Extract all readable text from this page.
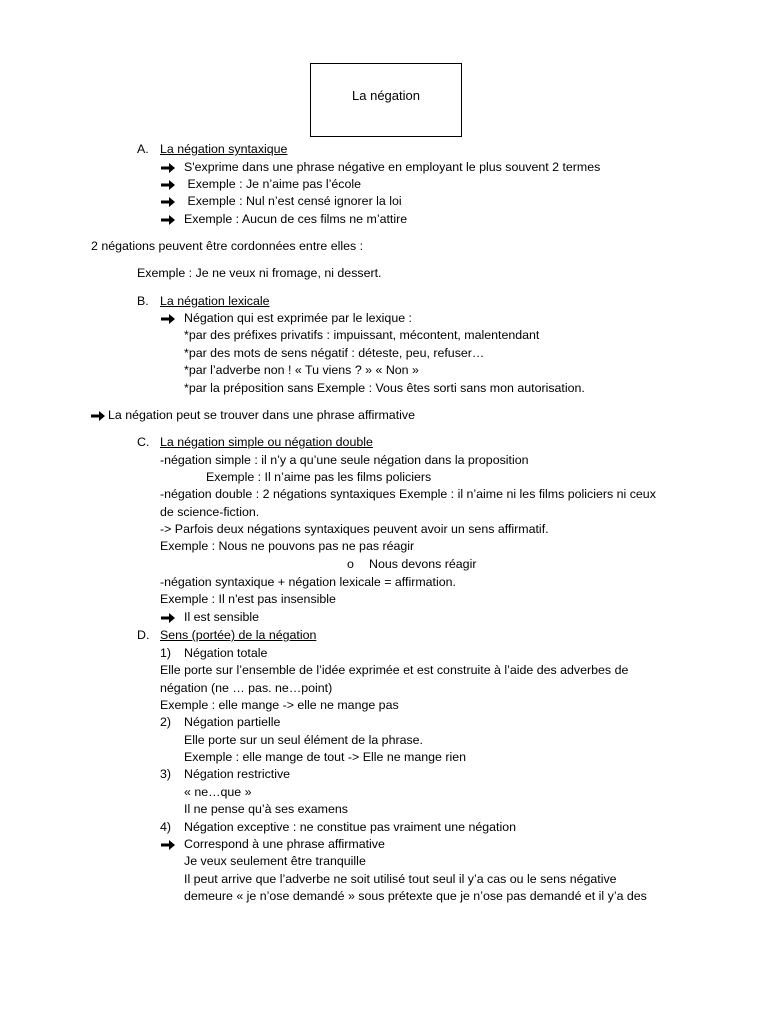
La négation
A. La négation syntaxique
S'exprime dans une phrase négative en employant le plus souvent 2 termes
Exemple : Je n’aime pas l’école
Exemple : Nul n’est censé ignorer la loi
Exemple : Aucun de ces films ne m’attire
2 négations peuvent être cordonnées entre elles :
Exemple : Je ne veux ni fromage, ni dessert.
B. La négation lexicale
Négation qui est exprimée par le lexique :
*par des préfixes privatifs : impuissant, mécontent, malentendant
*par des mots de sens négatif : déteste, peu, refuser…
*par l’adverbe non ! « Tu viens ? » « Non »
*par la préposition sans Exemple : Vous êtes sorti sans mon autorisation.
La négation peut se trouver dans une phrase affirmative
C. La négation simple ou négation double
-négation simple : il n’y a qu’une seule négation dans la proposition
Exemple : Il n’aime pas les films policiers
-négation double : 2 négations syntaxiques Exemple : il n’aime ni les films policiers ni ceux
de science-fiction.
-> Parfois deux négations syntaxiques peuvent avoir un sens affirmatif.
Exemple : Nous ne pouvons pas ne pas réagir
o Nous devons réagir
-négation syntaxique + négation lexicale = affirmation.
Exemple : Il n'est pas insensible
Il est sensible
D. Sens (portée) de la négation
1) Négation totale
Elle porte sur l’ensemble de l’idée exprimée et est construite à l’aide des adverbes de
négation (ne … pas. ne…point)
Exemple : elle mange -> elle ne mange pas
2) Négation partielle
Elle porte sur un seul élément de la phrase.
Exemple : elle mange de tout -> Elle ne mange rien
3) Négation restrictive
« ne…que »
Il ne pense qu’à ses examens
4) Négation exceptive : ne constitue pas vraiment une négation
Correspond à une phrase affirmative
Je veux seulement être tranquille
Il peut arrive que l’adverbe ne soit utilisé tout seul il y’a cas ou le sens négative
demeure « je n’ose demandé » sous prétexte que je n’ose pas demandé et il y’a des
